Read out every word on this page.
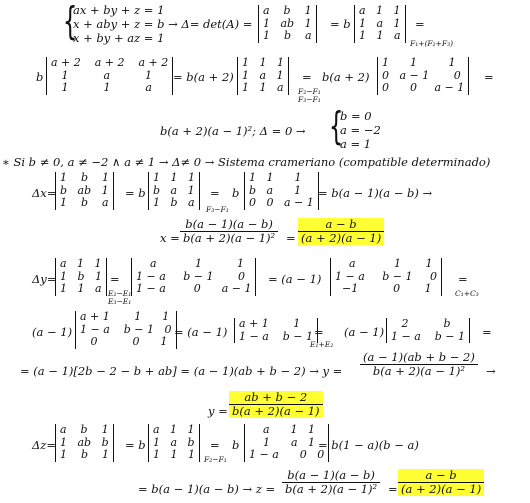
{
ax + by + z = 1
x + aby + z = b → Δ= det(A) =
x + by + az = 1
a    b    1
1   ab   1
1    b    a
= b
a   1   1
1   a   1
1   1   a
=
F₁+(F₂+F₃)
b
a + 2    a + 2    a + 2
1          a          1
1          1          a
= b(a + 2)
1   1   1
1   a   1
1   1   a
=
F₂−F₁
F₃−F₁
b(a + 2)
1      1         1
0   a − 1       0
0      0     a − 1
=
b(a + 2)(a − 1)²; Δ = 0 → {
b = 0
a = −2
a = 1
∗ Si b ≠ 0, a ≠ −2 ∧ a ≠ 1 → Δ≠ 0 → Sistema crameriano (compatible determinado)
Δx=
1    b    1
b   ab   1
1    b    a
= b
1   1   1
b   a   1
1   b   a
=
F₃−F₁
b
1   1      1
b   a      1
0   0   a − 1
= b(a − 1)(a − b) →
$x = \frac{b(a - 1)(a - b)}{\text{b(a + 2)(a − 1)²}} = \frac{a - b}{(a + 2)(a - 1)}$
Δy=
a   1   1
1   b   1
1   1   a
=
E₂−E₁
E₃−E₁
a           1          1
1 − a     b − 1       0
1 − a        0      a − 1
= (a − 1)
a           1       1
1 − a     b − 1     0
−1          0       1
=
C₁+C₃
(a − 1)
a + 1       1      1
1 − a    b − 1   0
0          0      1
= (a − 1)
a + 1       1
1 − a    b − 1 =
E₁+E₂
(a − 1)
2          b
1 − a    b − 1	=
= $(a - 1)[2b - 2 - b + ab] = (a - 1)(ab + b - 2) \to y = \frac{(a - 1)(ab + b - 2)}{\text{b(a + 2)(a − 1)²}}$ →
$y = \frac{ab + b - 2}{b(a + 2)(a - 1)}$
Δz=
a    b    1
1   ab   b
1    b    1
= b
a   1   1
1   a   b
1   1   1
=
F₂−F₁
b
a      1   1
1      a   1
1 − a      0   0
= b(1 − a)(b − a)
= $b(a - 1)(a - b) \to z = \frac{b(a - 1)(a - b)}{\text{b(a + 2)(a − 1)²}} = \frac{a - b}{(a + 2)(a - 1)}$
